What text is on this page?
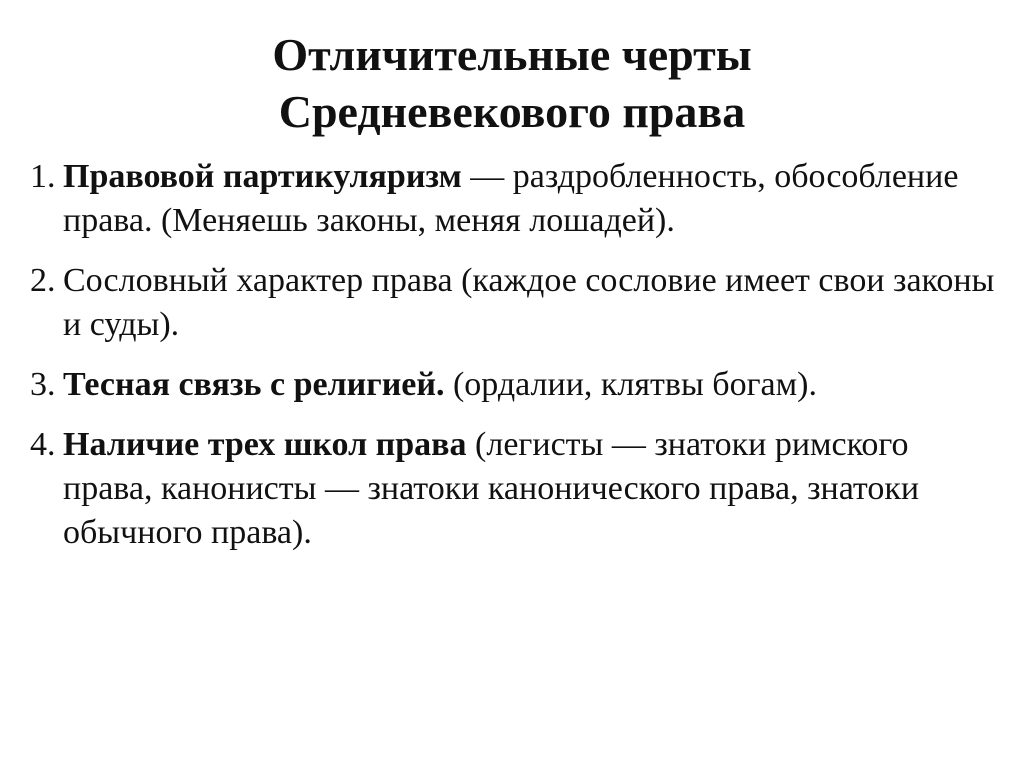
Отличительные черты
Средневекового права
1. Правовой партикуляризм — раздробленность, обособление права. (Меняешь законы, меняя лошадей).
2. Сословный характер права (каждое сословие имеет свои законы и суды).
3. Тесная связь с религией. (ордалии, клятвы богам).
4. Наличие трех школ права (легисты — знатоки римского права, канонисты — знатоки канонического права, знатоки обычного права).
